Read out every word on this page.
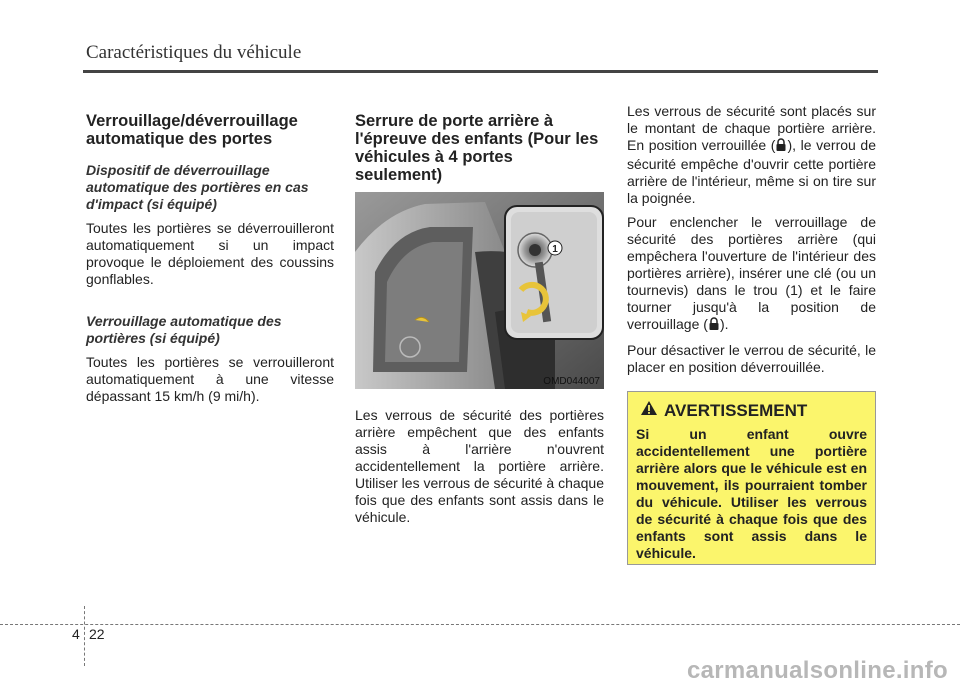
Caractéristiques du véhicule
Verrouillage/déverrouillage automatique des portes
Dispositif de déverrouillage automatique des portières en cas d'impact (si équipé)

Toutes les portières se déverrouilleront automatiquement si un impact provoque le déploiement des coussins gonflables.

Verrouillage automatique des portières (si équipé)

Toutes les portières se verrouilleront automatiquement à une vitesse dépassant 15 km/h (9 mi/h).

Serrure de porte arrière à l'épreuve des enfants (Pour les véhicules à 4 portes seulement)
1
OMD044007

Les verrous de sécurité des portières arrière empêchent que des enfants assis à l'arrière n'ouvrent accidentellement la portière arrière. Utiliser les verrous de sécurité à chaque fois que des enfants sont assis dans le véhicule.

Les verrous de sécurité sont placés sur le montant de chaque portière arrière. En position verrouillée ( ), le verrou de sécurité empêche d'ouvrir cette portière arrière de l'intérieur, même si on tire sur la poignée.

Pour enclencher le verrouillage de sécurité des portières arrière (qui empêchera l'ouverture de l'intérieur des portières arrière), insérer une clé (ou un tournevis) dans le trou (1) et le faire tourner jusqu'à la position de verrouillage ( ).

Pour désactiver le verrou de sécurité, le placer en position déverrouillée.

AVERTISSEMENT

Si un enfant ouvre accidentellement une portière arrière alors que le véhicule est en mouvement, ils pourraient tomber du véhicule. Utiliser les verrous de sécurité à chaque fois que des enfants sont assis dans le véhicule.

4 22
carmanualsonline.info
